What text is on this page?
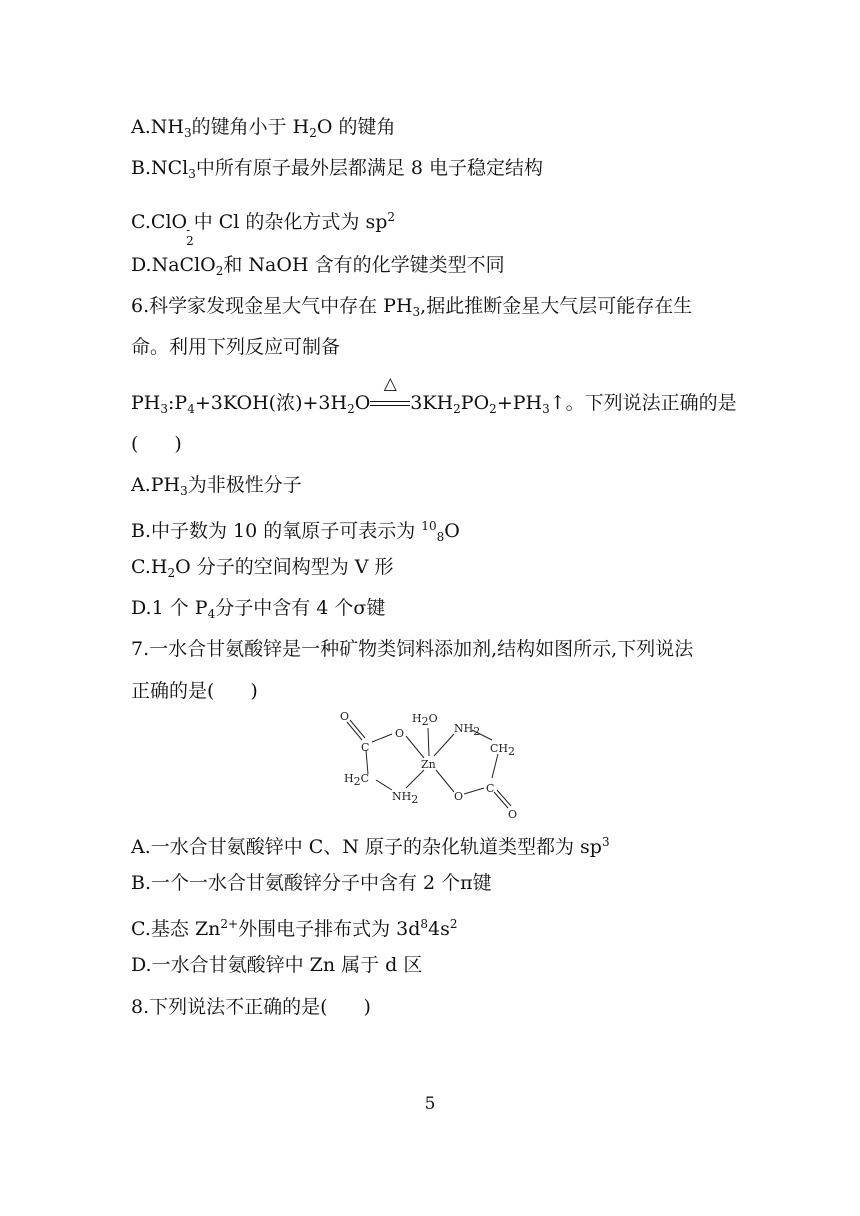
$A.NH_3$的键角小于 $H_2O$ 的键角
B.NCl$_3$中所有原子最外层都满足 8 电子稳定结构
C.ClO -
2
中 Cl 的杂化方式为 $sp^2$
D.NaClO$_2$和 NaOH 含有的化学键类型不同
6.科学家发现金星大气中存在 $PH_3$,据此推断金星大气层可能存在生
命。利用下列反应可制备
$PH_3:P_4+3KOH$(浓)$+3H_2O$
△
$3KH_2PO_2+PH_3↑$。下列说法正确的是
( )
$A.PH_3$为非极性分子
B.中子数为 10 的氧原子可表示为 $^{10}_8$O
$C.H_2O$ 分子的空间构型为 V 形
D.1 个 $P_4$分子中含有 4 个σ键
7.一水合甘氨酸锌是一种矿物类饲料添加剂,结构如图所示,下列说法
正确的是( )
O
C
O
H2O
NH2
CH2
Zn
H2C
NH2	O
C
O
A.一水合甘氨酸锌中 C、N 原子的杂化轨道类型都为 $sp^3$
B.一个一水合甘氨酸锌分子中含有 2 个π键
C.基态 $Zn^{2+}$外围电子排布式为 $3d^84s^2$
D.一水合甘氨酸锌中 Zn 属于 d 区
8.下列说法不正确的是( )
5
